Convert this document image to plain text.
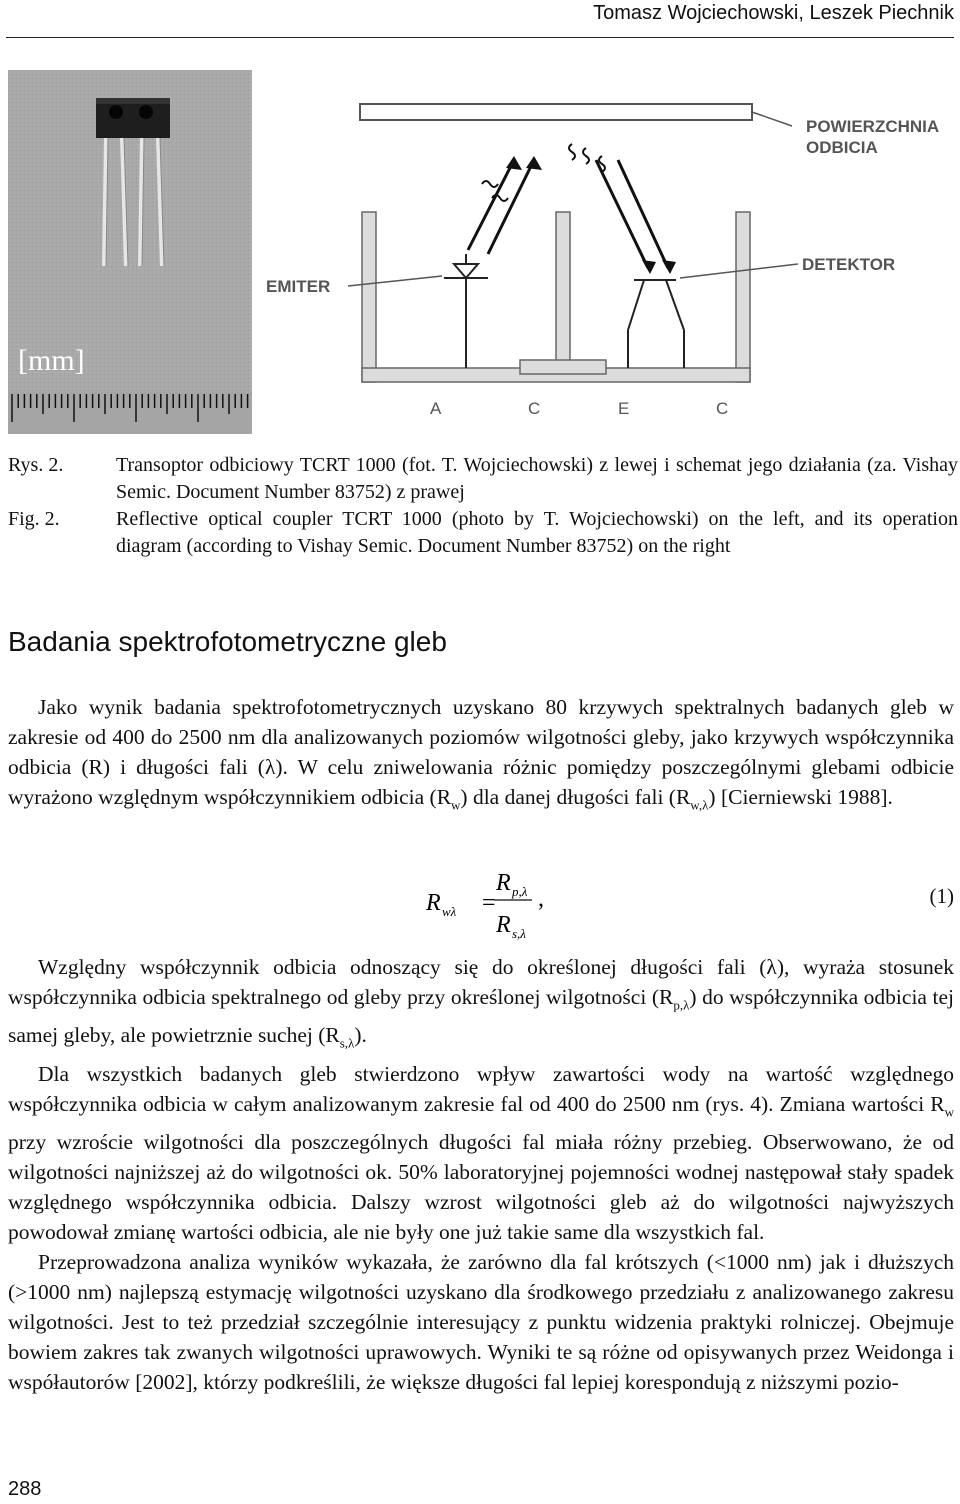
Tomasz Wojciechowski, Leszek Piechnik
[mm]
POWIERZCHNIA
ODBICIA
EMITER
DETEKTOR
A	C	E	C
Rys. 2.	Transoptor odbiciowy TCRT 1000 (fot. T. Wojciechowski) z lewej i schemat jego działania (za. Vishay Semic. Document Number 83752) z prawej
Fig. 2.	Reflective optical coupler TCRT 1000 (photo by T. Wojciechowski) on the left, and its operation diagram (according to Vishay Semic. Document Number 83752) on the right
Badania spektrofotometryczne gleb
Jako wynik badania spektrofotometrycznych uzyskano 80 krzywych spektralnych badanych gleb w zakresie od 400 do 2500 nm dla analizowanych poziomów wilgotności gleby, jako krzywych współczynnika odbicia (R) i długości fali (λ). W celu zniwelowania różnic pomiędzy poszczególnymi glebami odbicie wyrażono względnym współczynnikiem odbicia $(R_w)$ dla danej długości fali $(R_{w,\lambda})$ [Cierniewski 1988].
R wλ =
R p,λ
R s,λ
,	(1)

Względny współczynnik odbicia odnoszący się do określonej długości fali (λ), wyraża stosunek współczynnika odbicia spektralnego od gleby przy określonej wilgotności $(R_{p,\lambda})$ do współczynnika odbicia tej samej gleby, ale powietrznie suchej $(R_{s,\lambda})$.

Dla wszystkich badanych gleb stwierdzono wpływ zawartości wody na wartość względnego współczynnika odbicia w całym analizowanym zakresie fal od 400 do 2500 nm (rys. 4). Zmiana wartości $R_w$ przy wzroście wilgotności dla poszczególnych długości fal miała różny przebieg. Obserwowano, że od wilgotności najniższej aż do wilgotności ok. 50% laboratoryjnej pojemności wodnej następował stały spadek względnego współczynnika odbicia. Dalszy wzrost wilgotności gleb aż do wilgotności najwyższych powodował zmianę wartości odbicia, ale nie były one już takie same dla wszystkich fal.

Przeprowadzona analiza wyników wykazała, że zarówno dla fal krótszych (<1000 nm) jak i dłuższych (>1000 nm) najlepszą estymację wilgotności uzyskano dla środkowego przedziału z analizowanego zakresu wilgotności. Jest to też przedział szczególnie interesujący z punktu widzenia praktyki rolniczej. Obejmuje bowiem zakres tak zwanych wilgotności uprawowych. Wyniki te są różne od opisywanych przez Weidonga i współautorów [2002], którzy podkreślili, że większe długości fal lepiej korespondują z niższymi pozio-

288
